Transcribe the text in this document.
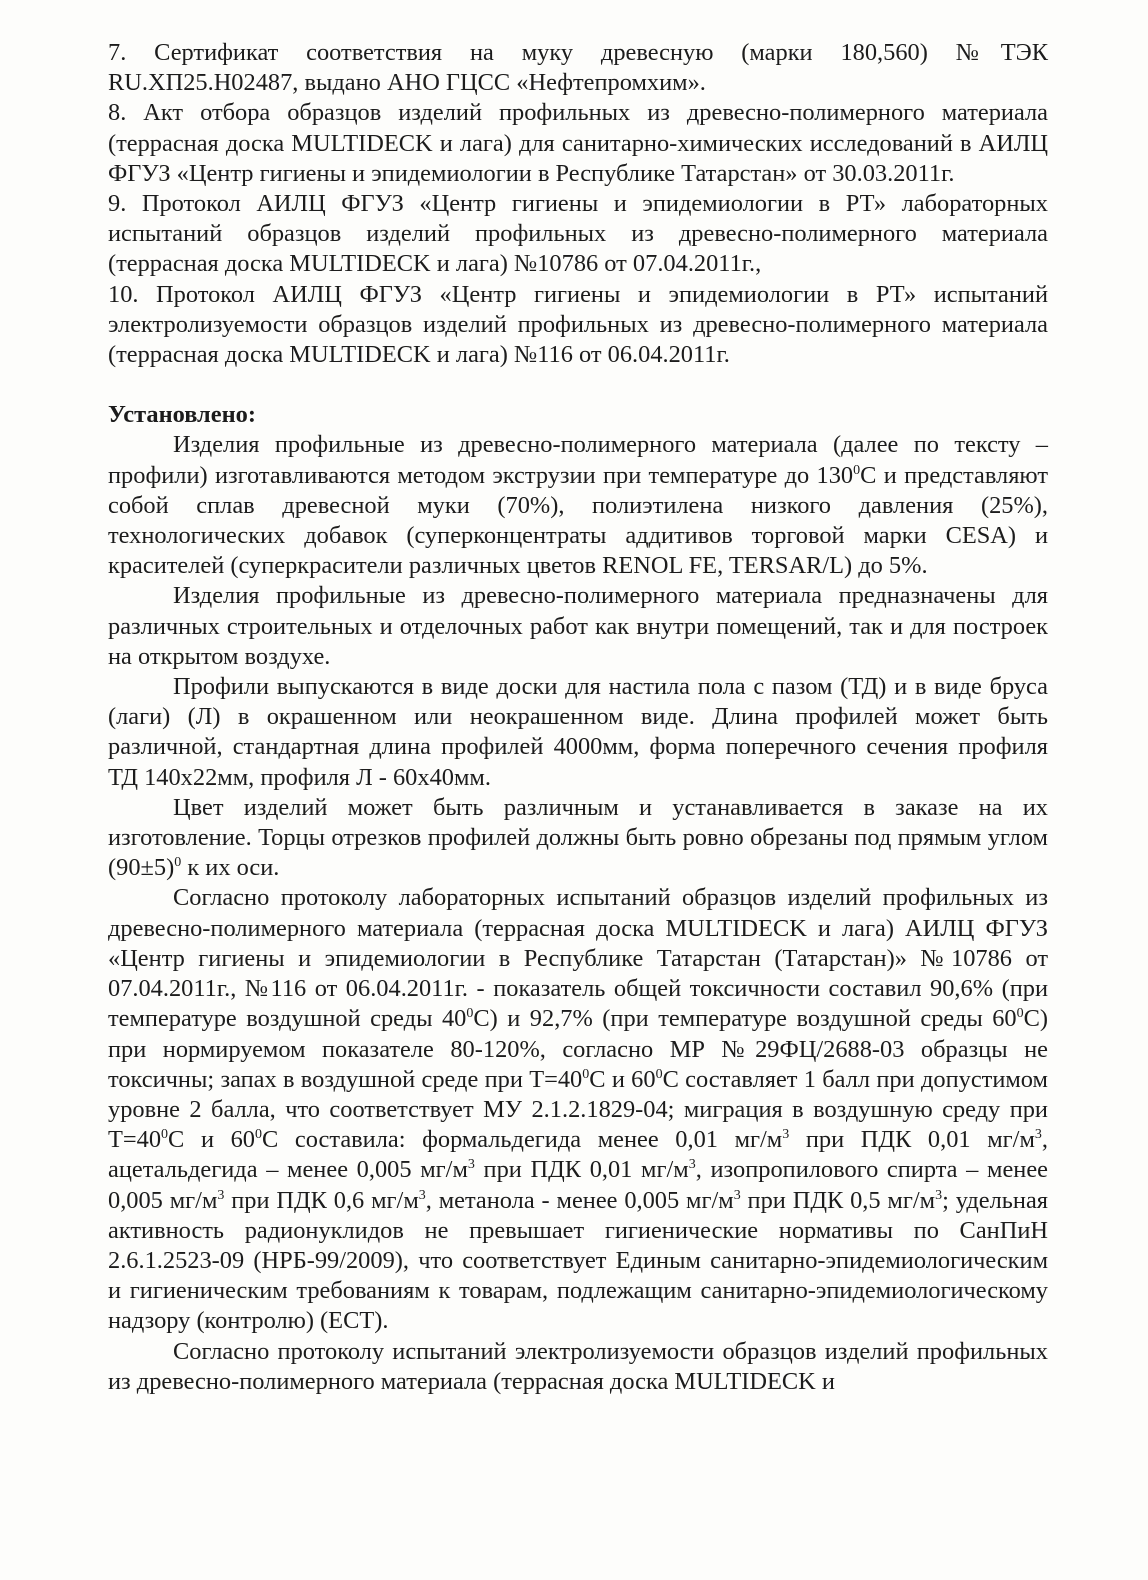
7. Сертификат соответствия на муку древесную (марки 180,560) №ТЭК RU.ХП25.Н02487, выдано АНО ГЦСС «Нефтепромхим».

8. Акт отбора образцов изделий профильных из древесно-полимерного материала (террасная доска MULTIDECK и лага) для санитарно-химических исследований в АИЛЦ ФГУЗ «Центр гигиены и эпидемиологии в Республике Татарстан» от 30.03.2011г.

9. Протокол АИЛЦ ФГУЗ «Центр гигиены и эпидемиологии в РТ» лабораторных испытаний образцов изделий профильных из древесно-полимерного материала (террасная доска MULTIDECK и лага) №10786 от 07.04.2011г.,

10. Протокол АИЛЦ ФГУЗ «Центр гигиены и эпидемиологии в РТ» испытаний электролизуемости образцов изделий профильных из древесно-полимерного материала (террасная доска MULTIDECK и лага) №116 от 06.04.2011г.

Установлено:

Изделия профильные из древесно-полимерного материала (далее по тексту – профили) изготавливаются методом экструзии при температуре до $130^0С$ и представляют собой сплав древесной муки (70%), полиэтилена низкого давления (25%), технологических добавок (суперконцентраты аддитивов торговой марки CESA) и красителей (суперкрасители различных цветов RENOL FE, TERSAR/L) до 5%.

Изделия профильные из древесно-полимерного материала предназначены для различных строительных и отделочных работ как внутри помещений, так и для построек на открытом воздухе.

Профили выпускаются в виде доски для настила пола с пазом (ТД) и в виде бруса (лаги) (Л) в окрашенном или неокрашенном виде. Длина профилей может быть различной, стандартная длина профилей 4000мм, форма поперечного сечения профиля ТД 140х22мм, профиля Л - 60х40мм.

Цвет изделий может быть различным и устанавливается в заказе на их изготовление. Торцы отрезков профилей должны быть ровно обрезаны под прямым углом $(90\pm 5)^0$ к их оси.

Согласно протоколу лабораторных испытаний образцов изделий профильных из древесно-полимерного материала (террасная доска MULTIDECK и лага) АИЛЦ ФГУЗ «Центр гигиены и эпидемиологии в Республике Татарстан (Татарстан)» №10786 от 07.04.2011г., №116 от 06.04.2011г. - показатель общей токсичности составил 90,6% (при температуре воздушной среды $40^0С$) и 92,7% (при температуре воздушной среды $60^0С$) при нормируемом показателе 80-120%, согласно МР №29ФЦ/2688-03 образцы не токсичны; запах в воздушной среде при $Т=40^0С$ и $60^0С$ составляет 1 балл при допустимом уровне 2 балла, что соответствует МУ 2.1.2.1829-04; миграция в воздушную среду при $Т=40^0С$ и $60^0С$ составила: формальдегида менее 0,01 $мг/м^3$ при ПДК 0,01 $мг/м^3$, ацетальдегида – менее 0,005 $мг/м^3$ при ПДК 0,01 $мг/м^3$, изопропилового спирта – менее 0,005 $мг/м^3$ при ПДК 0,6 $мг/м^3$, метанола - менее 0,005 $мг/м^3$ при ПДК 0,5 $мг/м^3$; удельная активность радионуклидов не превышает гигиенические нормативы по СанПиН 2.6.1.2523-09 (НРБ-99/2009), что соответствует Единым санитарно-эпидемиологическим и гигиеническим требованиям к товарам, подлежащим санитарно-эпидемиологическому надзору (контролю) (ЕСТ).

Согласно протоколу испытаний электролизуемости образцов изделий профильных из древесно-полимерного материала (террасная доска MULTIDECK и
